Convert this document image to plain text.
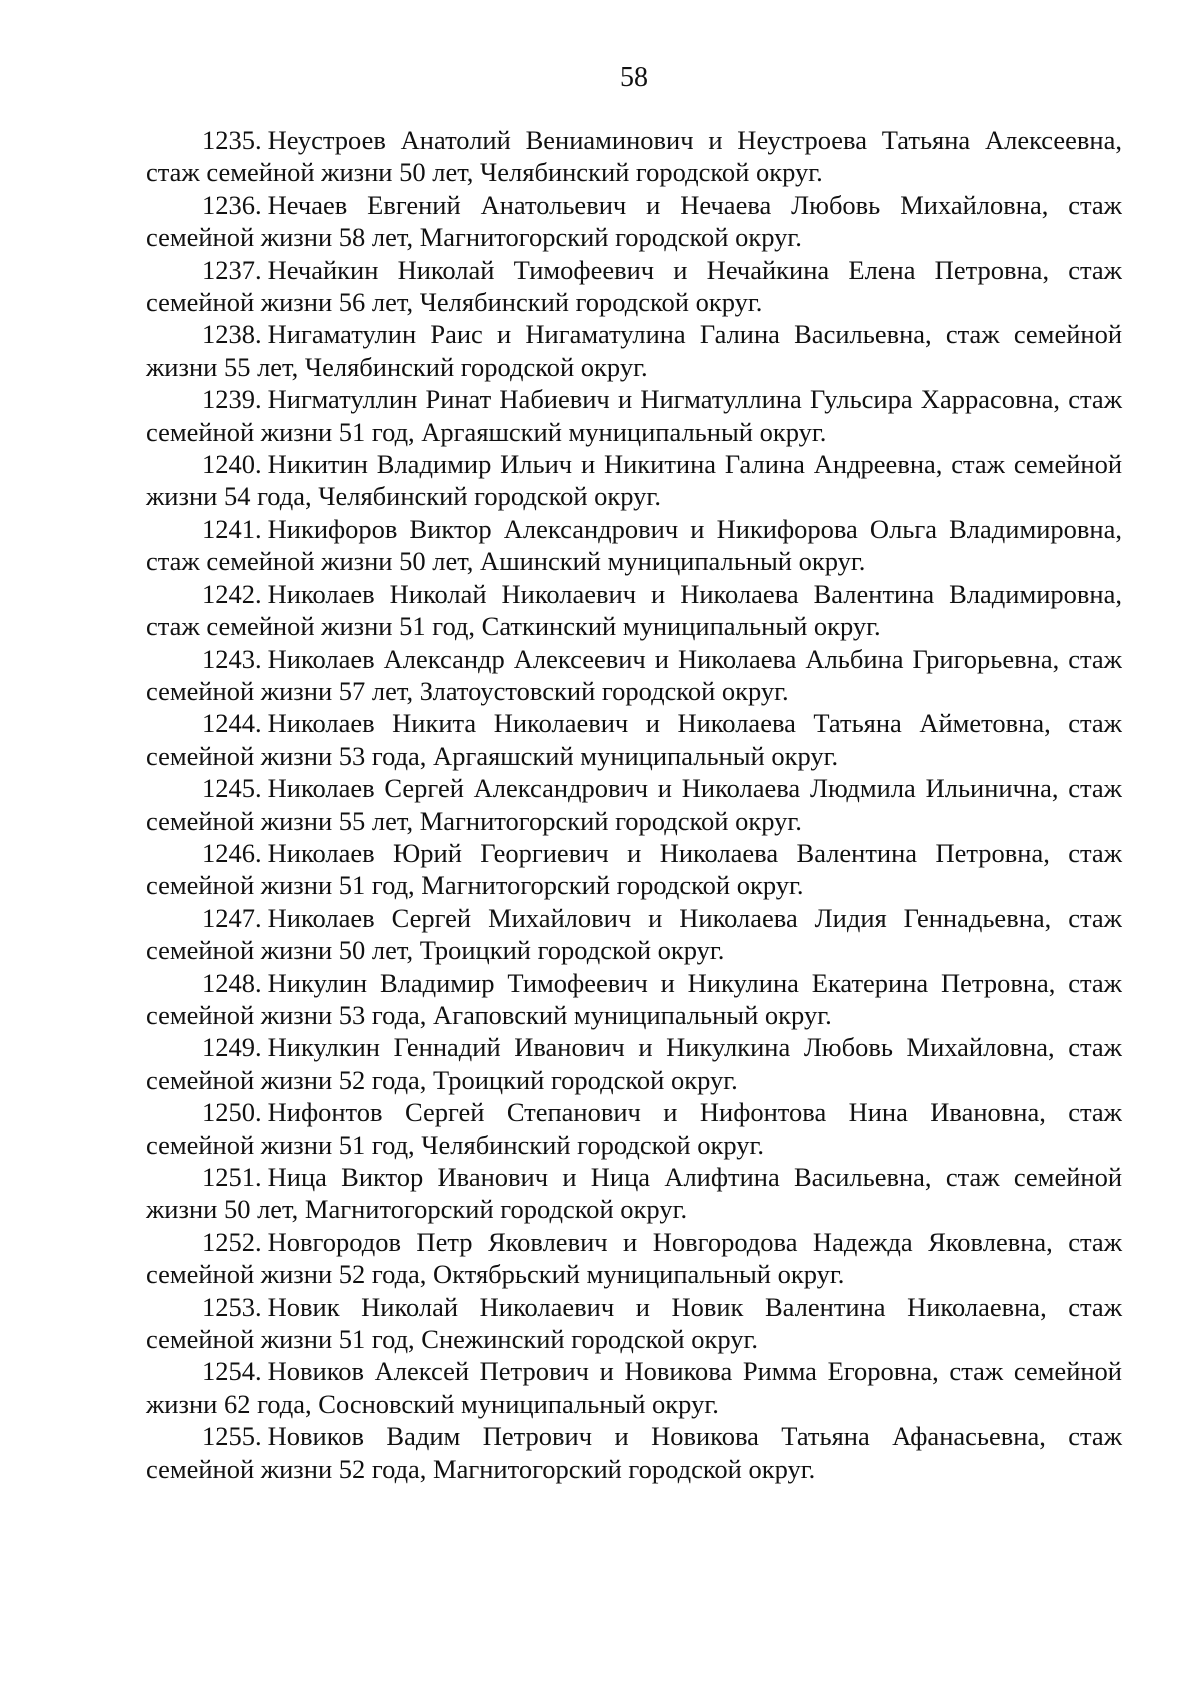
58
1235. Неустроев Анатолий Вениаминович и Неустроева Татьяна Алексеевна, стаж семейной жизни 50 лет, Челябинский городской округ.
1236. Нечаев Евгений Анатольевич и Нечаева Любовь Михайловна, стаж семейной жизни 58 лет, Магнитогорский городской округ.
1237. Нечайкин Николай Тимофеевич и Нечайкина Елена Петровна, стаж семейной жизни 56 лет, Челябинский городской округ.
1238. Нигаматулин Раис и Нигаматулина Галина Васильевна, стаж семейной жизни 55 лет, Челябинский городской округ.
1239. Нигматуллин Ринат Набиевич и Нигматуллина Гульсира Харрасовна, стаж семейной жизни 51 год, Аргаяшский муниципальный округ.
1240. Никитин Владимир Ильич и Никитина Галина Андреевна, стаж семейной жизни 54 года, Челябинский городской округ.
1241. Никифоров Виктор Александрович и Никифорова Ольга Владимировна, стаж семейной жизни 50 лет, Ашинский муниципальный округ.
1242. Николаев Николай Николаевич и Николаева Валентина Владимировна, стаж семейной жизни 51 год, Саткинский муниципальный округ.
1243. Николаев Александр Алексеевич и Николаева Альбина Григорьевна, стаж семейной жизни 57 лет, Златоустовский городской округ.
1244. Николаев Никита Николаевич и Николаева Татьяна Айметовна, стаж семейной жизни 53 года, Аргаяшский муниципальный округ.
1245. Николаев Сергей Александрович и Николаева Людмила Ильинична, стаж семейной жизни 55 лет, Магнитогорский городской округ.
1246. Николаев Юрий Георгиевич и Николаева Валентина Петровна, стаж семейной жизни 51 год, Магнитогорский городской округ.
1247. Николаев Сергей Михайлович и Николаева Лидия Геннадьевна, стаж семейной жизни 50 лет, Троицкий городской округ.
1248. Никулин Владимир Тимофеевич и Никулина Екатерина Петровна, стаж семейной жизни 53 года, Агаповский муниципальный округ.
1249. Никулкин Геннадий Иванович и Никулкина Любовь Михайловна, стаж семейной жизни 52 года, Троицкий городской округ.
1250. Нифонтов Сергей Степанович и Нифонтова Нина Ивановна, стаж семейной жизни 51 год, Челябинский городской округ.
1251. Ница Виктор Иванович и Ница Алифтина Васильевна, стаж семейной жизни 50 лет, Магнитогорский городской округ.
1252. Новгородов Петр Яковлевич и Новгородова Надежда Яковлевна, стаж семейной жизни 52 года, Октябрьский муниципальный округ.
1253. Новик Николай Николаевич и Новик Валентина Николаевна, стаж семейной жизни 51 год, Снежинский городской округ.
1254. Новиков Алексей Петрович и Новикова Римма Егоровна, стаж семейной жизни 62 года, Сосновский муниципальный округ.
1255. Новиков Вадим Петрович и Новикова Татьяна Афанасьевна, стаж семейной жизни 52 года, Магнитогорский городской округ.
